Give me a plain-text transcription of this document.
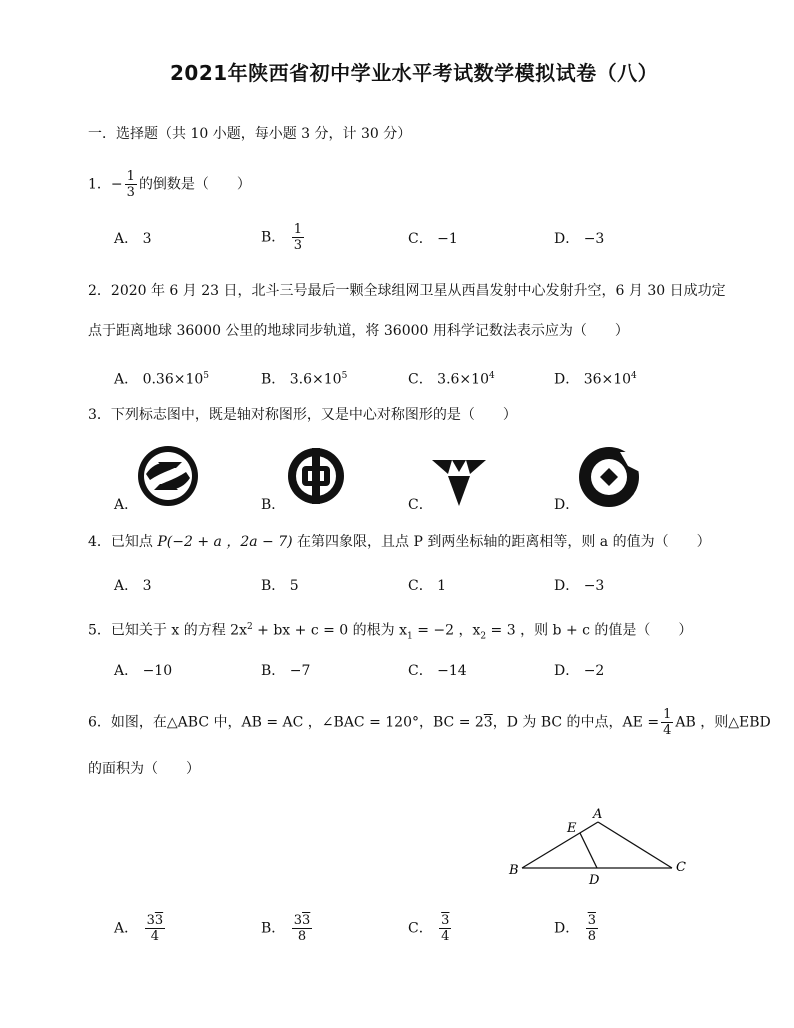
2021年陕西省初中学业水平考试数学模拟试卷（八）
一．选择题（共 10 小题，每小题 3 分，计 30 分）
1．− $\frac{1}{3}$ 的倒数是（　　）
A． 3	B． $\frac{1}{3}$	C． −1	D． −3
2．2020 年 6 月 23 日，北斗三号最后一颗全球组网卫星从西昌发射中心发射升空，6 月 30 日成功定
点于距离地球 36000 公里的地球同步轨道，将 36000 用科学记数法表示应为（　　）
A． $0.36\times 10^5$	B． $3.6\times 10^5$	C． $3.6\times 10^4$	D． $36\times 10^4$
3．下列标志图中，既是轴对称图形，又是中心对称图形的是（　　）
A．	B．	C．	D．
4．已知点 P(−2 + a ，2a − 7) 在第四象限，且点 P 到两坐标轴的距离相等，则 a 的值为（　　）
A． 3	B． 5	C． 1	D． −3
5．已知关于 x 的方程 $2x^2$ + bx + c = 0 的根为 $x_1 = -2$ ，$x_2 = 3$ ，则 b + c 的值是（　　）
A． −10	B． −7	C． −14	D． −2
6．如图，在△ABC 中，AB = AC ，∠BAC = 120°，BC = 23，D 为 BC 的中点，AE = $\frac{1}{4}$ AB ，则△EBD
的面积为（　　）
A
E
B	C
D
A． $\frac{33}{4}$	B． $\frac{33}{8}$	C． $\frac{3}{4}$	D． $\frac{3}{8}$
